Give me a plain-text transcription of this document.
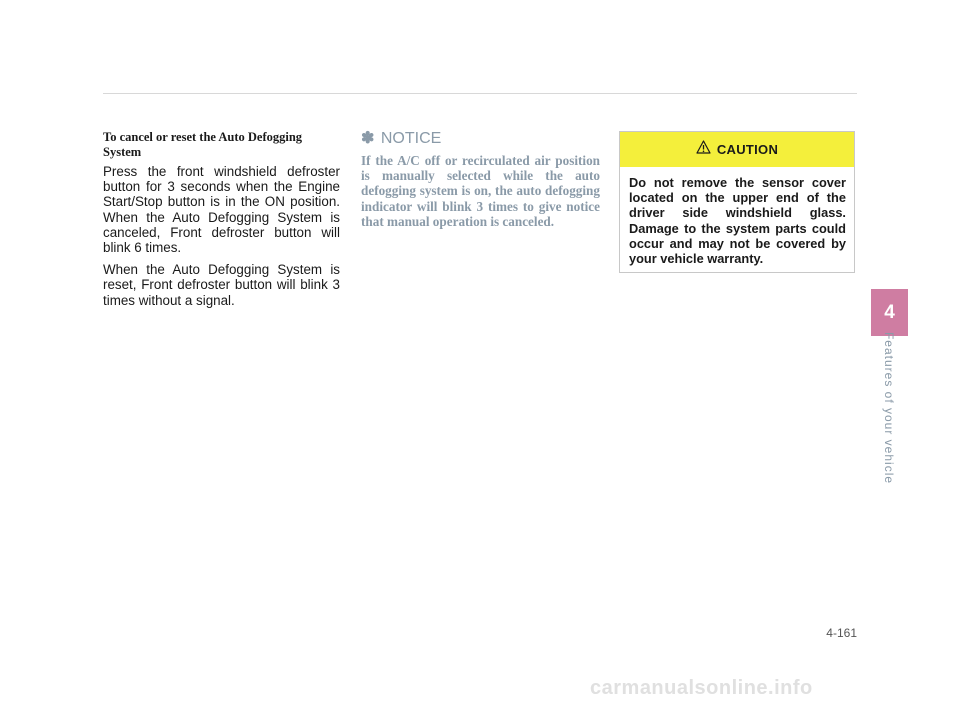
To cancel or reset the Auto Defogging System

Press the front windshield defroster button for 3 seconds when the Engine Start/Stop button is in the ON position. When the Auto Defogging System is canceled, Front defroster button will blink 6 times.

When the Auto Defogging System is reset, Front defroster button will blink 3 times without a signal.

✽ NOTICE

If the A/C off or recirculated air position is manually selected while the auto defogging system is on, the auto defogging indicator will blink 3 times to give notice that manual operation is canceled.

CAUTION

Do not remove the sensor cover located on the upper end of the driver side windshield glass. Damage to the system parts could occur and may not be covered by your vehicle warranty.

4
Features of your vehicle
4-161
carmanualsonline.info
